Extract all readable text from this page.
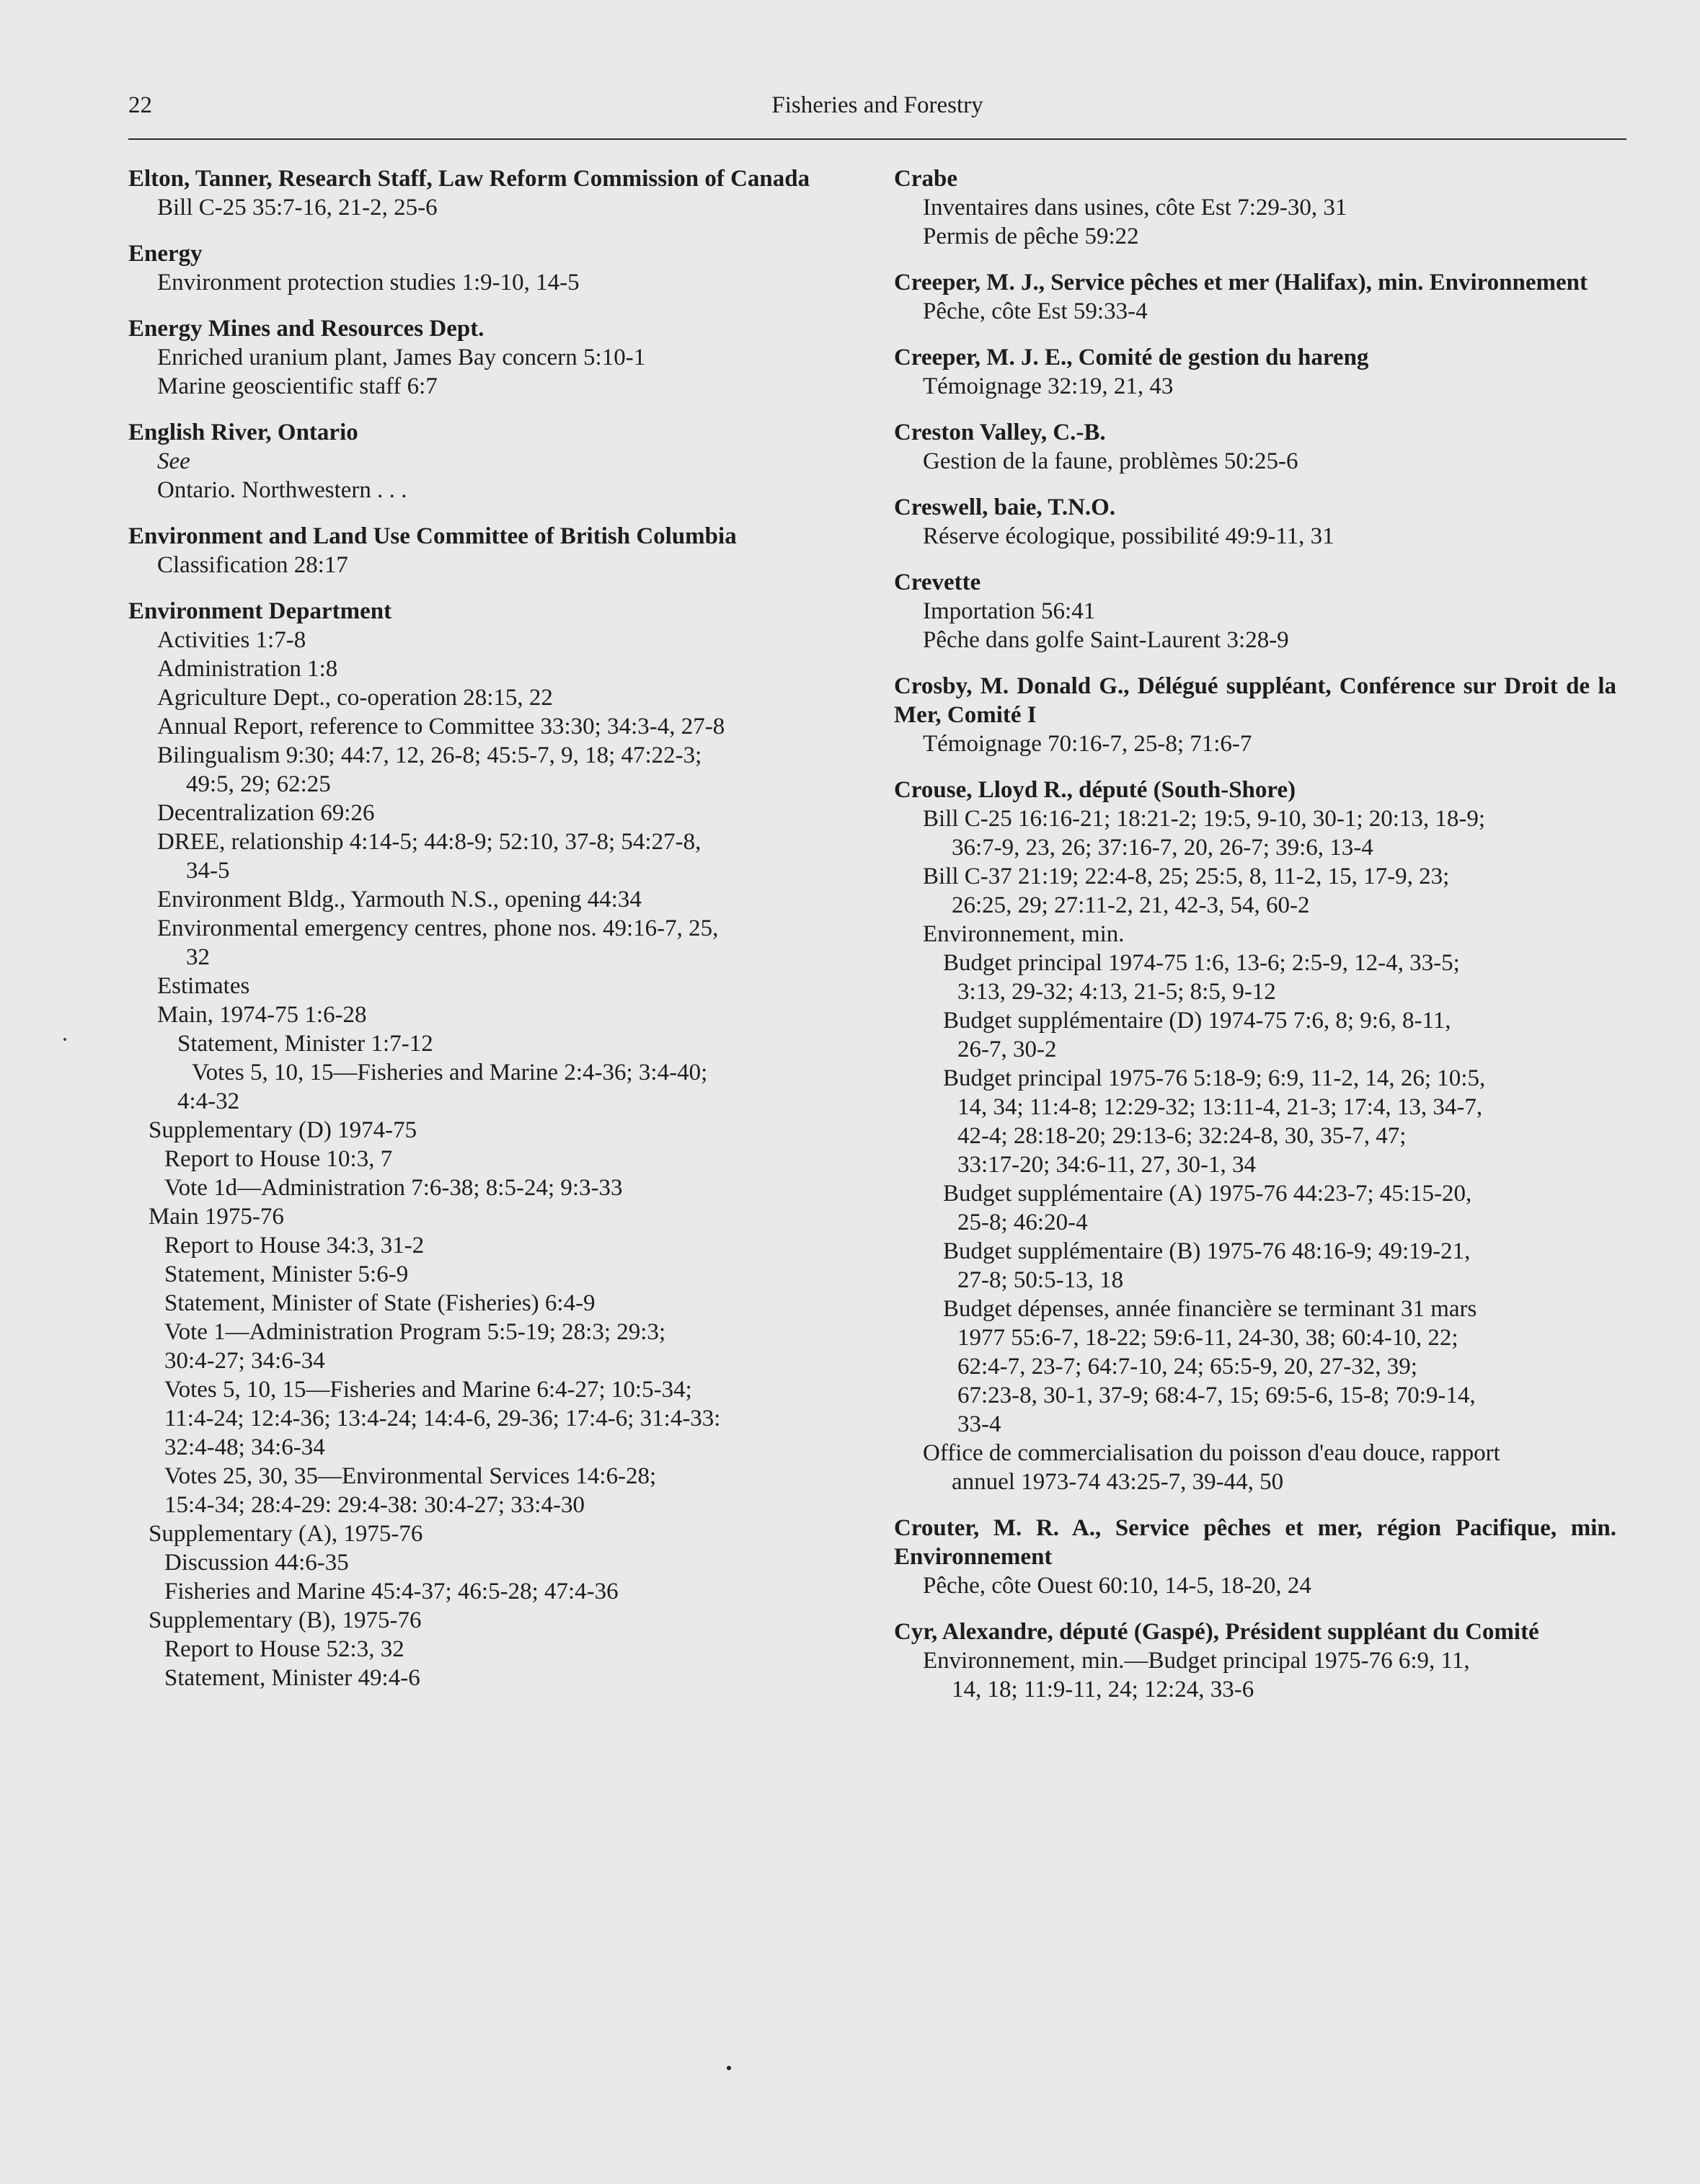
22	Fisheries and Forestry
Elton, Tanner, Research Staff, Law Reform Commission of Canada
Bill C-25 35:7-16, 21-2, 25-6
Energy
Environment protection studies 1:9-10, 14-5
Energy Mines and Resources Dept.
Enriched uranium plant, James Bay concern 5:10-1
Marine geoscientific staff 6:7
English River, Ontario
See
Ontario. Northwestern . . .
Environment and Land Use Committee of British Columbia
Classification 28:17
Environment Department
Activities 1:7-8
Administration 1:8
Agriculture Dept., co-operation 28:15, 22
Annual Report, reference to Committee 33:30; 34:3-4, 27-8
Bilingualism 9:30; 44:7, 12, 26-8; 45:5-7, 9, 18; 47:22-3;
49:5, 29; 62:25
Decentralization 69:26
DREE, relationship 4:14-5; 44:8-9; 52:10, 37-8; 54:27-8,
34-5
Environment Bldg., Yarmouth N.S., opening 44:34
Environmental emergency centres, phone nos. 49:16-7, 25,
32
Estimates
Main, 1974-75 1:6-28
Statement, Minister 1:7-12
Votes 5, 10, 15—Fisheries and Marine 2:4-36; 3:4-40;
4:4-32
Supplementary (D) 1974-75
Report to House 10:3, 7
Vote 1d—Administration 7:6-38; 8:5-24; 9:3-33
Main 1975-76
Report to House 34:3, 31-2
Statement, Minister 5:6-9
Statement, Minister of State (Fisheries) 6:4-9
Vote 1—Administration Program 5:5-19; 28:3; 29:3;
30:4-27; 34:6-34
Votes 5, 10, 15—Fisheries and Marine 6:4-27; 10:5-34;
11:4-24; 12:4-36; 13:4-24; 14:4-6, 29-36; 17:4-6; 31:4-33:
32:4-48; 34:6-34
Votes 25, 30, 35—Environmental Services 14:6-28;
15:4-34; 28:4-29: 29:4-38: 30:4-27; 33:4-30
Supplementary (A), 1975-76
Discussion 44:6-35
Fisheries and Marine 45:4-37; 46:5-28; 47:4-36
Supplementary (B), 1975-76
Report to House 52:3, 32
Statement, Minister 49:4-6
Crabe
Inventaires dans usines, côte Est 7:29-30, 31
Permis de pêche 59:22
Creeper, M. J., Service pêches et mer (Halifax), min. Environnement
Pêche, côte Est 59:33-4
Creeper, M. J. E., Comité de gestion du hareng
Témoignage 32:19, 21, 43
Creston Valley, C.-B.
Gestion de la faune, problèmes 50:25-6
Creswell, baie, T.N.O.
Réserve écologique, possibilité 49:9-11, 31
Crevette
Importation 56:41
Pêche dans golfe Saint-Laurent 3:28-9
Crosby, M. Donald G., Délégué suppléant, Conférence sur Droit de la Mer, Comité I
Témoignage 70:16-7, 25-8; 71:6-7
Crouse, Lloyd R., député (South-Shore)
Bill C-25 16:16-21; 18:21-2; 19:5, 9-10, 30-1; 20:13, 18-9;
36:7-9, 23, 26; 37:16-7, 20, 26-7; 39:6, 13-4
Bill C-37 21:19; 22:4-8, 25; 25:5, 8, 11-2, 15, 17-9, 23;
26:25, 29; 27:11-2, 21, 42-3, 54, 60-2
Environnement, min.
Budget principal 1974-75 1:6, 13-6; 2:5-9, 12-4, 33-5;
3:13, 29-32; 4:13, 21-5; 8:5, 9-12
Budget supplémentaire (D) 1974-75 7:6, 8; 9:6, 8-11,
26-7, 30-2
Budget principal 1975-76 5:18-9; 6:9, 11-2, 14, 26; 10:5,
14, 34; 11:4-8; 12:29-32; 13:11-4, 21-3; 17:4, 13, 34-7,
42-4; 28:18-20; 29:13-6; 32:24-8, 30, 35-7, 47;
33:17-20; 34:6-11, 27, 30-1, 34
Budget supplémentaire (A) 1975-76 44:23-7; 45:15-20,
25-8; 46:20-4
Budget supplémentaire (B) 1975-76 48:16-9; 49:19-21,
27-8; 50:5-13, 18
Budget dépenses, année financière se terminant 31 mars
1977 55:6-7, 18-22; 59:6-11, 24-30, 38; 60:4-10, 22;
62:4-7, 23-7; 64:7-10, 24; 65:5-9, 20, 27-32, 39;
67:23-8, 30-1, 37-9; 68:4-7, 15; 69:5-6, 15-8; 70:9-14,
33-4
Office de commercialisation du poisson d'eau douce, rapport
annuel 1973-74 43:25-7, 39-44, 50
Crouter, M. R. A., Service pêches et mer, région Pacifique, min. Environnement
Pêche, côte Ouest 60:10, 14-5, 18-20, 24
Cyr, Alexandre, député (Gaspé), Président suppléant du Comité
Environnement, min.—Budget principal 1975-76 6:9, 11,
14, 18; 11:9-11, 24; 12:24, 33-6
